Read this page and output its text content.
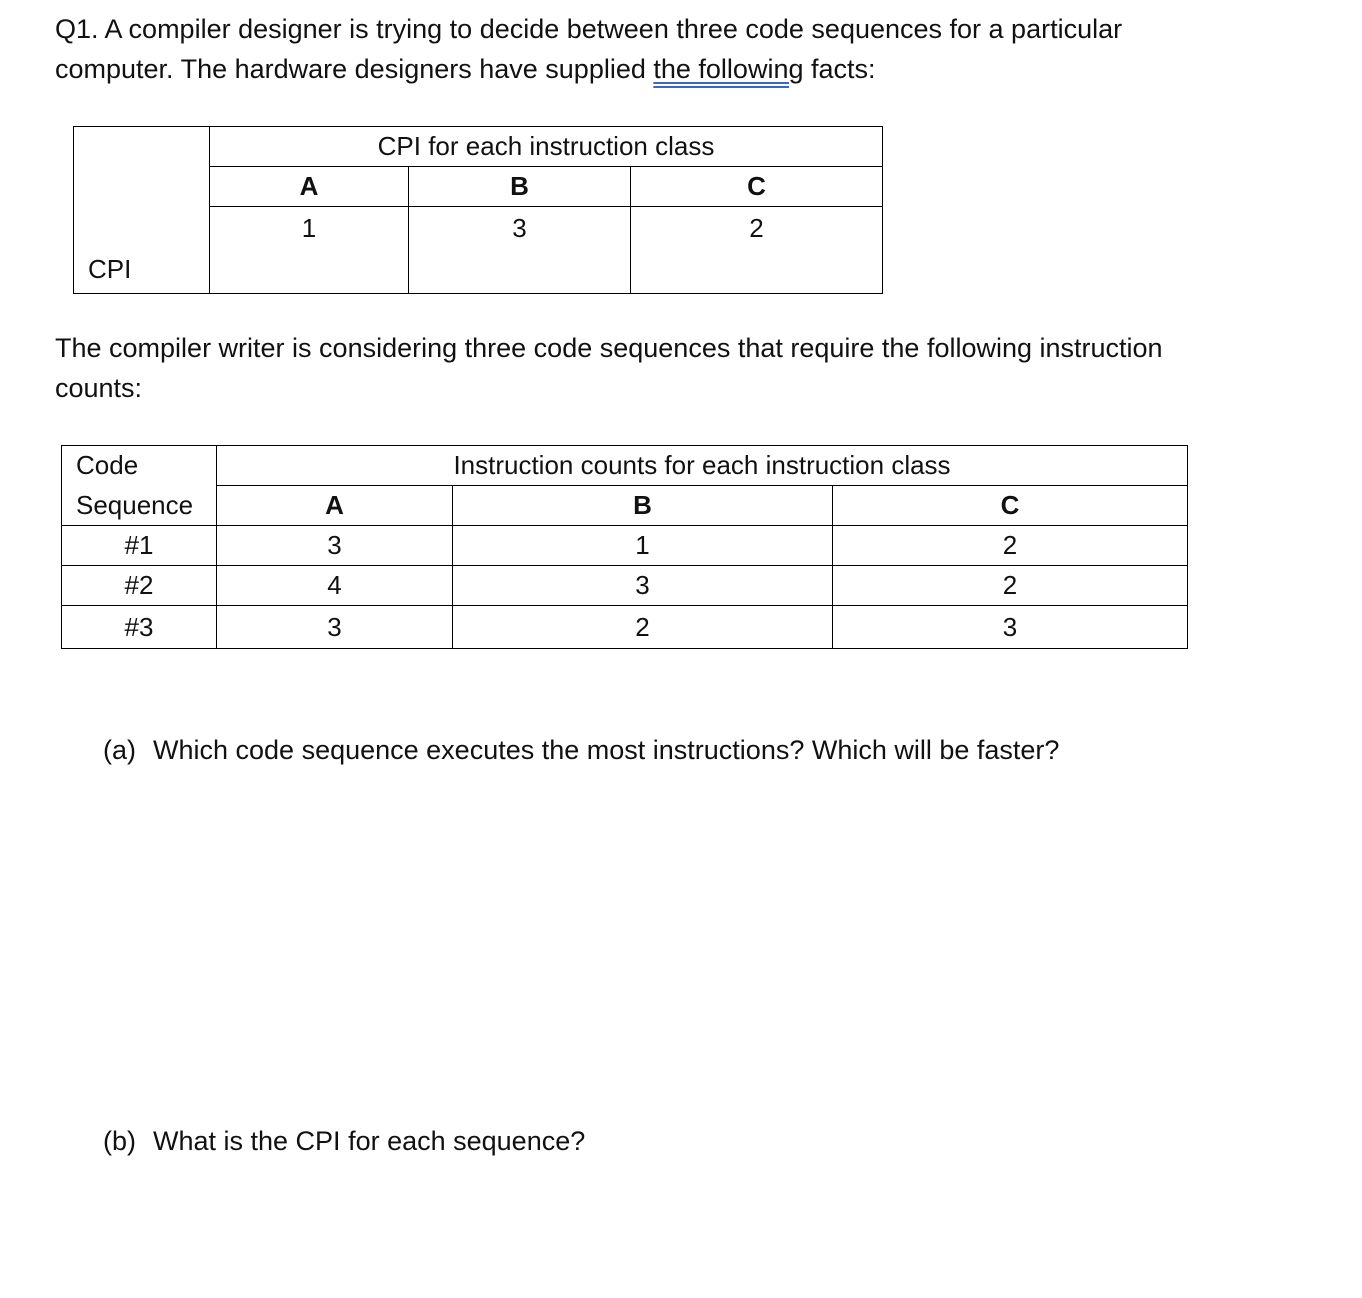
Q1. A compiler designer is trying to decide between three code sequences for a particular
computer. The hardware designers have supplied the following facts:

CPI	CPI for each instruction class		
	A	B	C
	1	3	2

The compiler writer is considering three code sequences that require the following instruction
counts:

Code	Instruction counts for each instruction class		
Sequence	A	B	C
#1	3	1	2
#2	4	3	2
#3	3	2	3
(a) Which code sequence executes the most instructions? Which will be faster?
(b) What is the CPI for each sequence?
